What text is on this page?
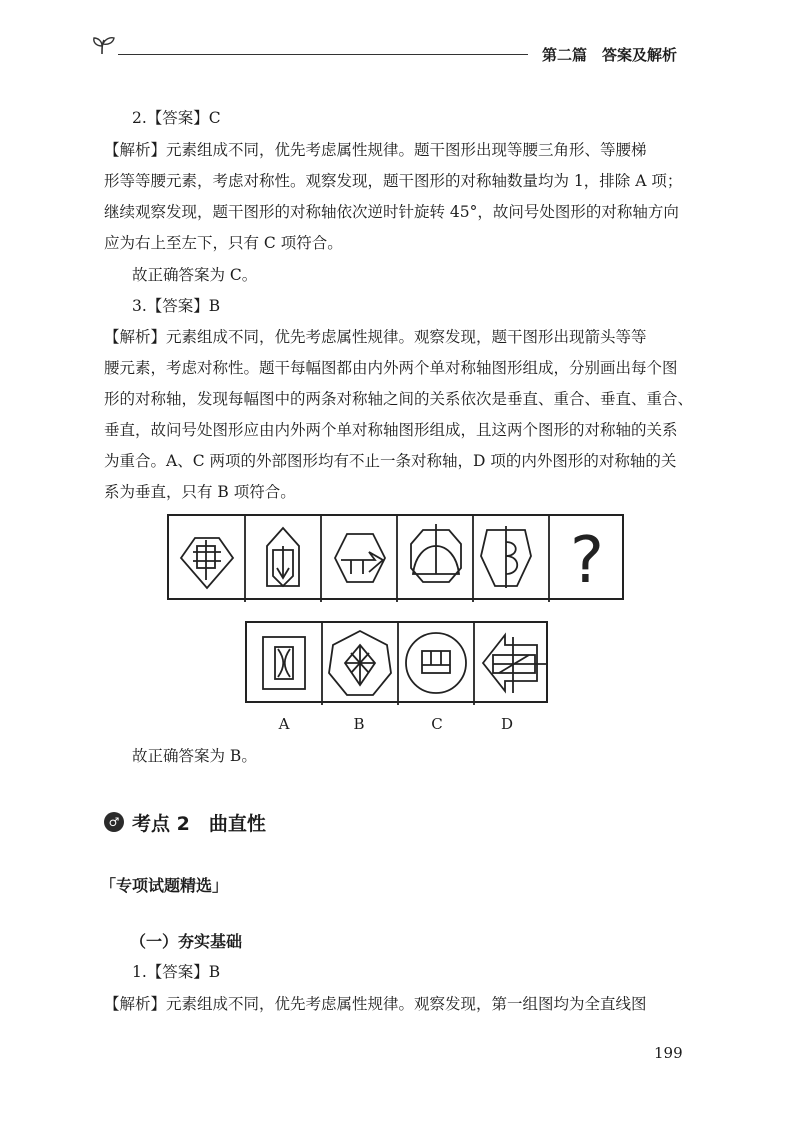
第二篇　答案及解析
2.【答案】C
【解析】元素组成不同，优先考虑属性规律。题干图形出现等腰三角形、等腰梯
形等等腰元素，考虑对称性。观察发现，题干图形的对称轴数量均为 1，排除 A 项；
继续观察发现，题干图形的对称轴依次逆时针旋转 45°，故问号处图形的对称轴方向
应为右上至左下，只有 C 项符合。
故正确答案为 C。
3.【答案】B
【解析】元素组成不同，优先考虑属性规律。观察发现，题干图形出现箭头等等
腰元素，考虑对称性。题干每幅图都由内外两个单对称轴图形组成，分别画出每个图
形的对称轴，发现每幅图中的两条对称轴之间的关系依次是垂直、重合、垂直、重合、
垂直，故问号处图形应由内外两个单对称轴图形组成，且这两个图形的对称轴的关系
为重合。A、C 两项的外部图形均有不止一条对称轴，D 项的内外图形的对称轴的关
系为垂直，只有 B 项符合。
?
A	B	C	D
故正确答案为 B。
♂ 考点 2　曲直性
「专项试题精选」
（一）夯实基础
1.【答案】B
【解析】元素组成不同，优先考虑属性规律。观察发现，第一组图均为全直线图
199
